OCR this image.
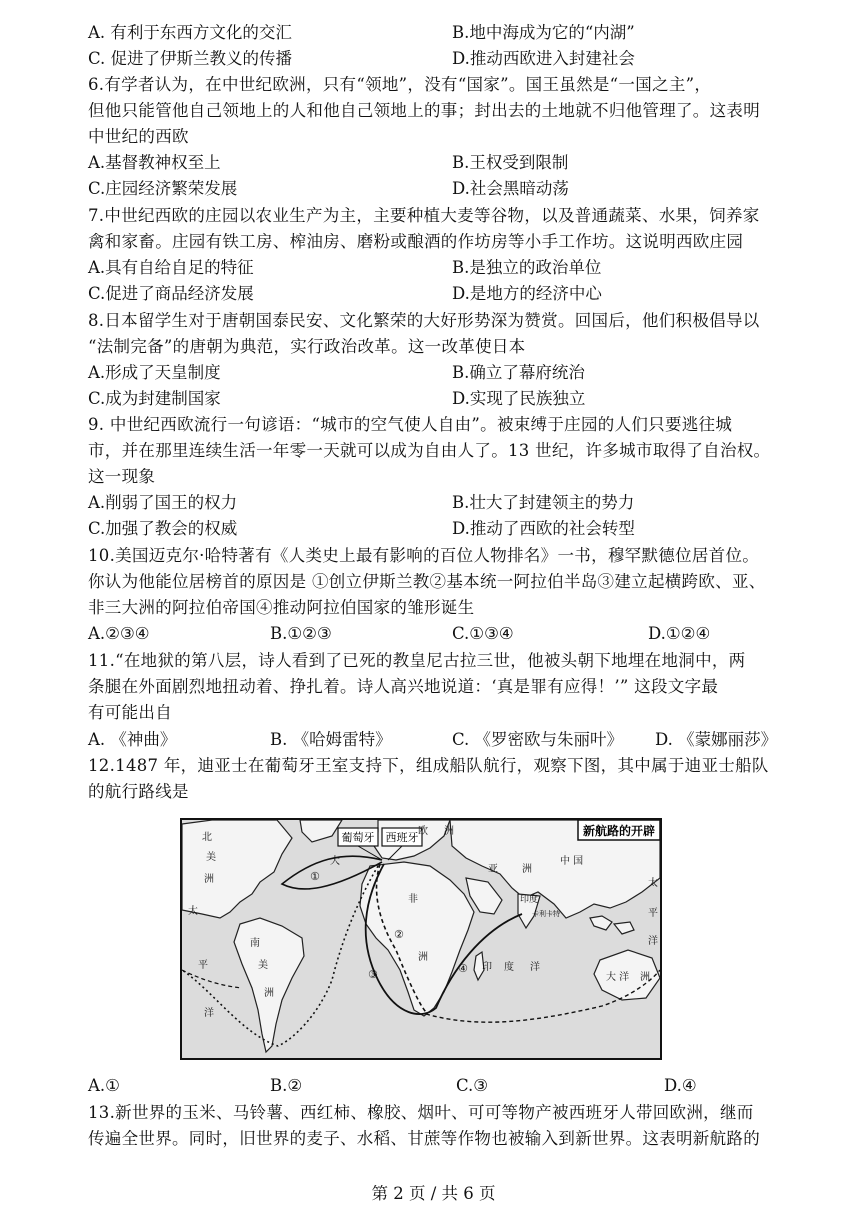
A. 有利于东西方文化的交汇	B.地中海成为它的“内湖”
C. 促进了伊斯兰教义的传播	D.推动西欧进入封建社会
6.有学者认为，在中世纪欧洲，只有“领地”，没有“国家”。国王虽然是“一国之主”，
但他只能管他自己领地上的人和他自己领地上的事；封出去的土地就不归他管理了。这表明
中世纪的西欧
A.基督教神权至上	B.王权受到限制
C.庄园经济繁荣发展	D.社会黑暗动荡
7.中世纪西欧的庄园以农业生产为主，主要种植大麦等谷物，以及普通蔬菜、水果，饲养家
禽和家畜。庄园有铁工房、榨油房、磨粉或酿酒的作坊房等小手工作坊。这说明西欧庄园
A.具有自给自足的特征	B.是独立的政治单位
C.促进了商品经济发展	D.是地方的经济中心
8.日本留学生对于唐朝国泰民安、文化繁荣的大好形势深为赞赏。回国后，他们积极倡导以
“法制完备”的唐朝为典范，实行政治改革。这一改革使日本
A.形成了天皇制度	B.确立了幕府统治
C.成为封建制国家	D.实现了民族独立
9. 中世纪西欧流行一句谚语：“城市的空气使人自由”。被束缚于庄园的人们只要逃往城
市，并在那里连续生活一年零一天就可以成为自由人了。13 世纪，许多城市取得了自治权。
这一现象
A.削弱了国王的权力	B.壮大了封建领主的势力
C.加强了教会的权威	D.推动了西欧的社会转型
10.美国迈克尔·哈特著有《人类史上最有影响的百位人物排名》一书，穆罕默德位居首位。
你认为他能位居榜首的原因是 ①创立伊斯兰教②基本统一阿拉伯半岛③建立起横跨欧、亚、
非三大洲的阿拉伯帝国④推动阿拉伯国家的雏形诞生
A.②③④	B.①②③	C.①③④	D.①②④
11.“在地狱的第八层，诗人看到了已死的教皇尼古拉三世，他被头朝下地埋在地洞中，两
条腿在外面剧烈地扭动着、挣扎着。诗人高兴地说道：‘真是罪有应得！’” 这段文字最
有可能出自
A. 《神曲》	B. 《哈姆雷特》	C. 《罗密欧与朱丽叶》 D. 《蒙娜丽莎》
12.1487 年，迪亚士在葡萄牙王室支持下，组成船队航行，观察下图，其中属于迪亚士船队
的航行路线是
新航路的开辟
葡萄牙 西班牙
北
美
洲
大
太
平
洋
南
美
洲
非
洲
欧 洲
亚 洲
中 国
印度
印 度 洋
大 洋 洲
卡利卡特
太
平
洋
①
②
③	④
A.①	B.②	C.③	D.④
13.新世界的玉米、马铃薯、西红柿、橡胶、烟叶、可可等物产被西班牙人带回欧洲，继而
传遍全世界。同时，旧世界的麦子、水稻、甘蔗等作物也被输入到新世界。这表明新航路的
第 2 页 / 共 6 页
